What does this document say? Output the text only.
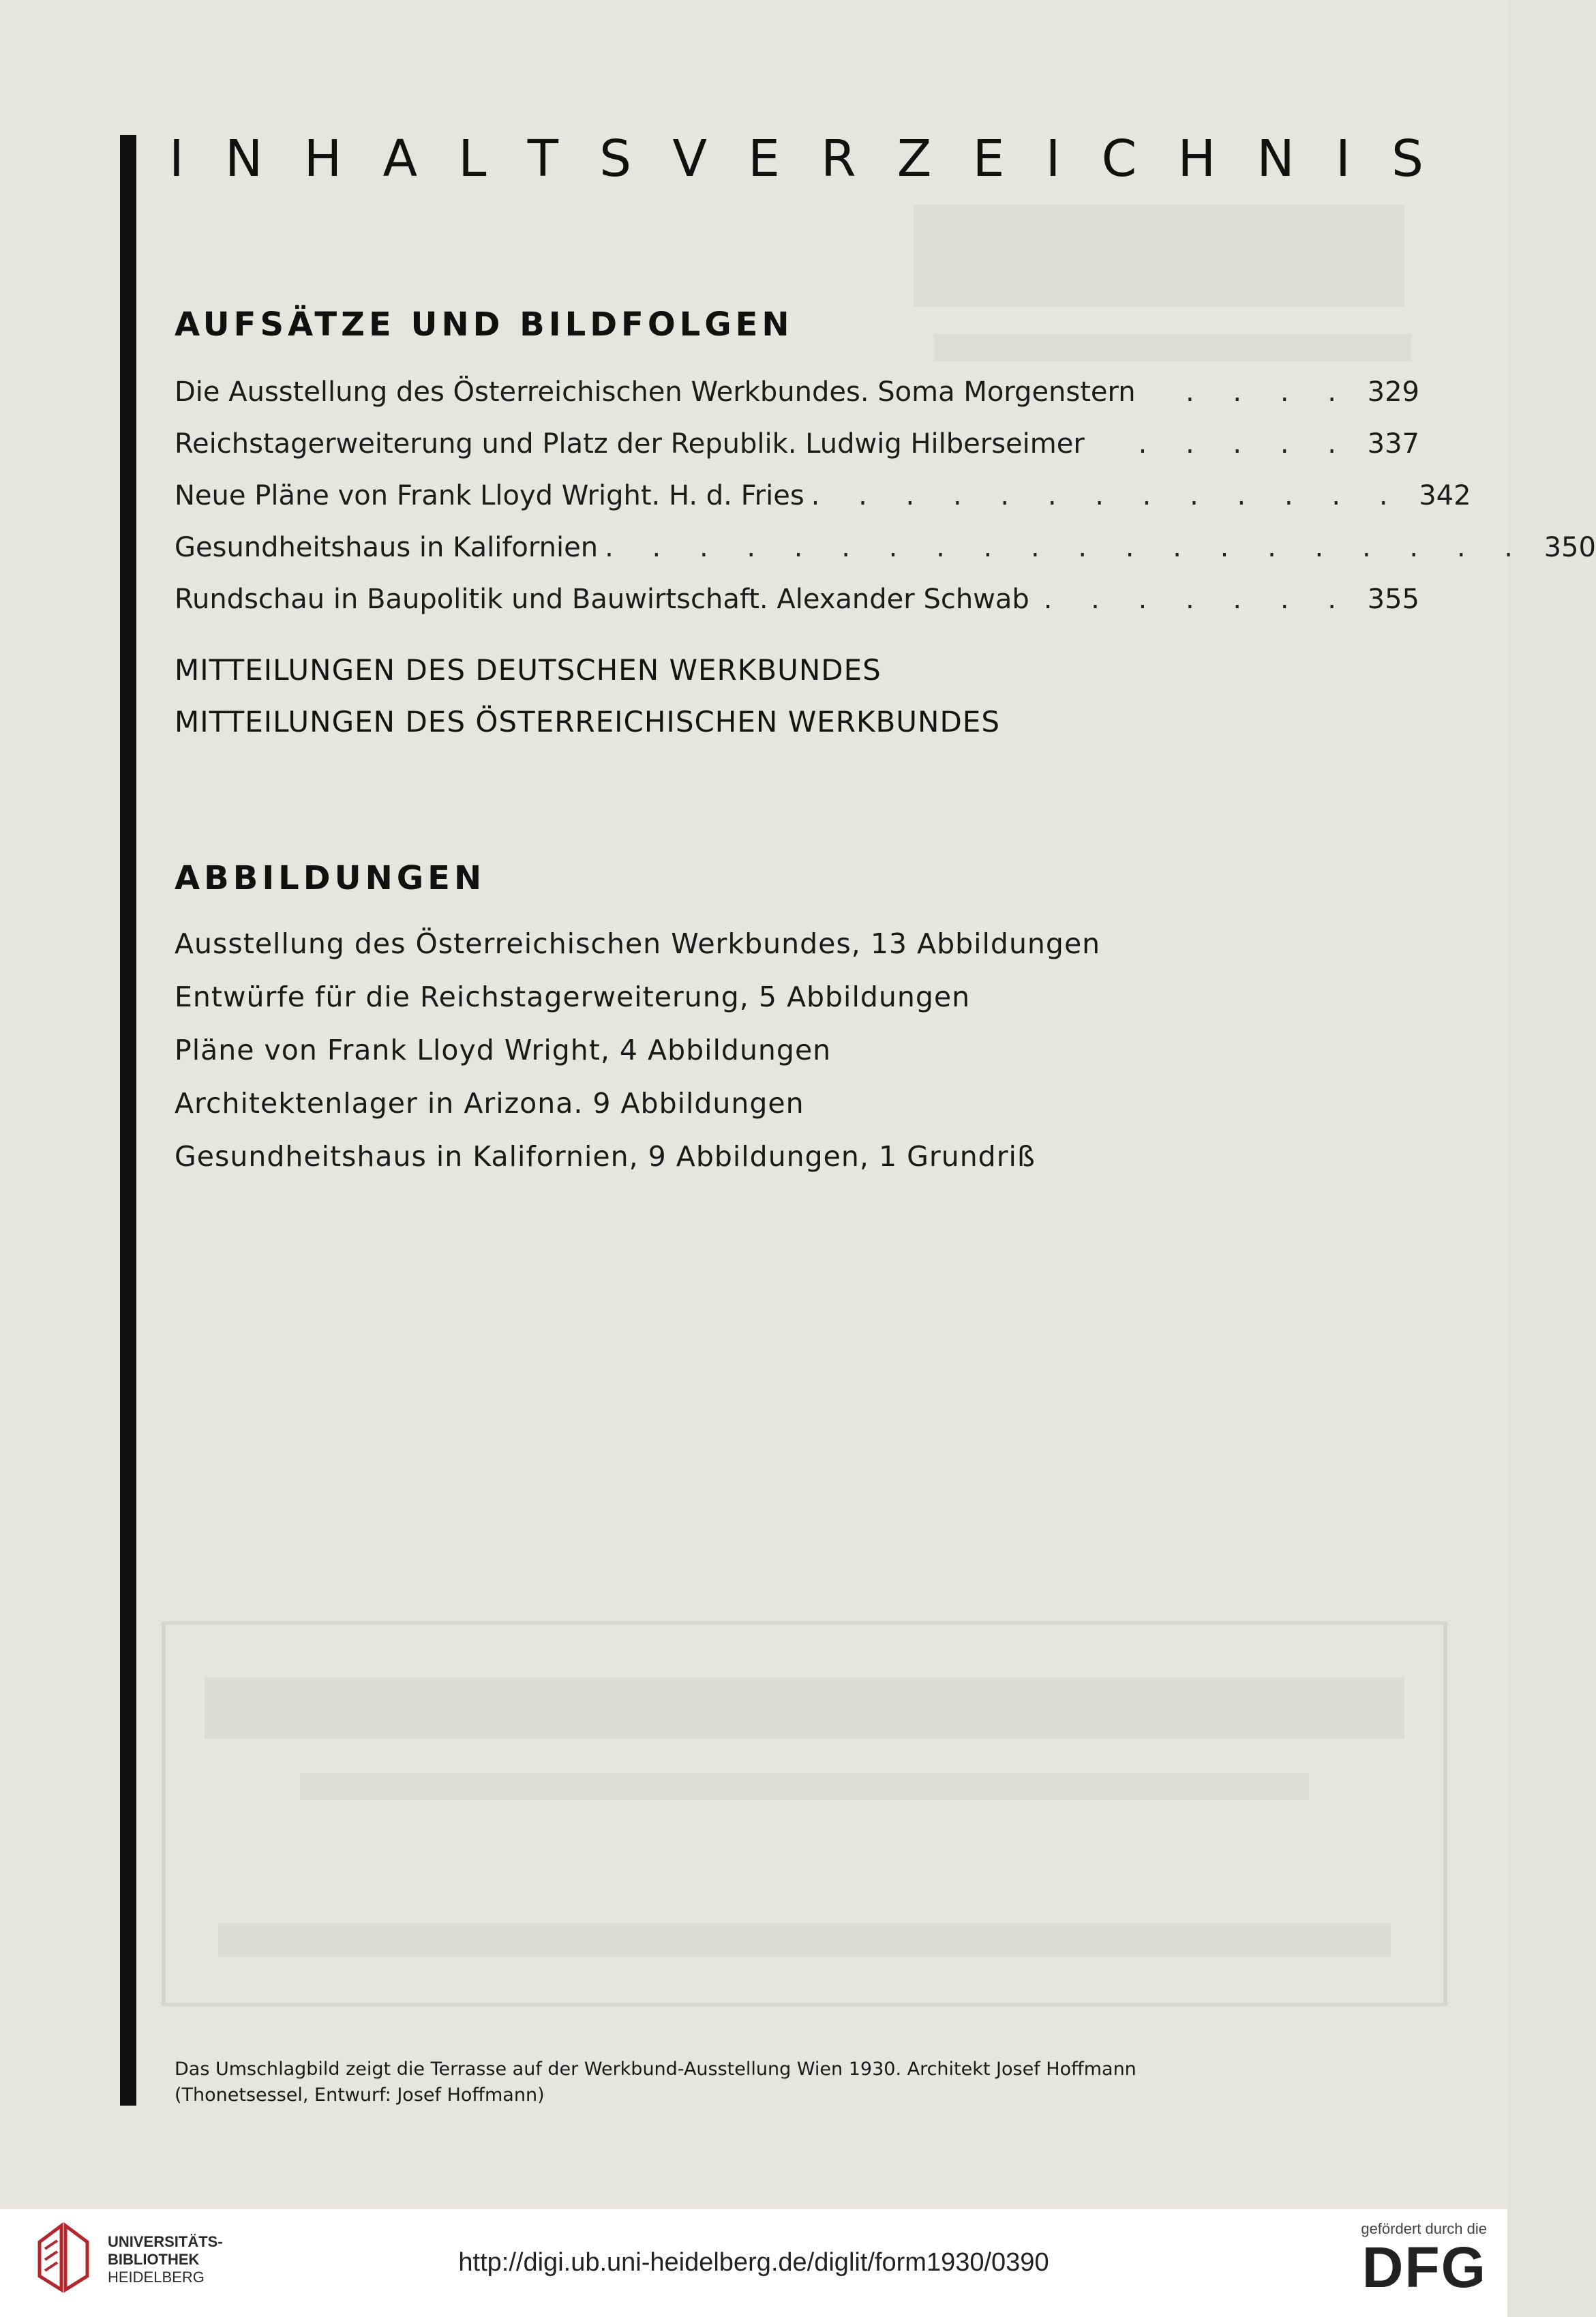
I N H A L T S V E R Z E I C H N I S
AUFSÄTZE UND BILDFOLGEN
Die Ausstellung des Österreichischen Werkbundes. Soma Morgenstern	. . . . 329
Reichstagerweiterung und Platz der Republik. Ludwig Hilberseimer	. . . . . 337
Neue Pläne von Frank Lloyd Wright. H. d. Fries . . . . . . . . . . . . . 342
Gesundheitshaus in Kalifornien . . . . . . . . . . . . . . . . . . . . 350
Rundschau in Baupolitik und Bauwirtschaft. Alexander Schwab . . . . . . . 355
MITTEILUNGEN DES DEUTSCHEN WERKBUNDES
MITTEILUNGEN DES ÖSTERREICHISCHEN WERKBUNDES
ABBILDUNGEN
Ausstellung des Österreichischen Werkbundes, 13 Abbildungen
Entwürfe für die Reichstagerweiterung, 5 Abbildungen
Pläne von Frank Lloyd Wright, 4 Abbildungen
Architektenlager in Arizona. 9 Abbildungen
Gesundheitshaus in Kalifornien, 9 Abbildungen, 1 Grundriß
Das Umschlagbild zeigt die Terrasse auf der Werkbund-Ausstellung Wien 1930. Architekt Josef Hoffmann
(Thonetsessel, Entwurf: Josef Hoffmann)
UNIVERSITÄTS-
BIBLIOTHEK
HEIDELBERG
http://digi.ub.uni-heidelberg.de/diglit/form1930/0390
gefördert durch die
DFG
